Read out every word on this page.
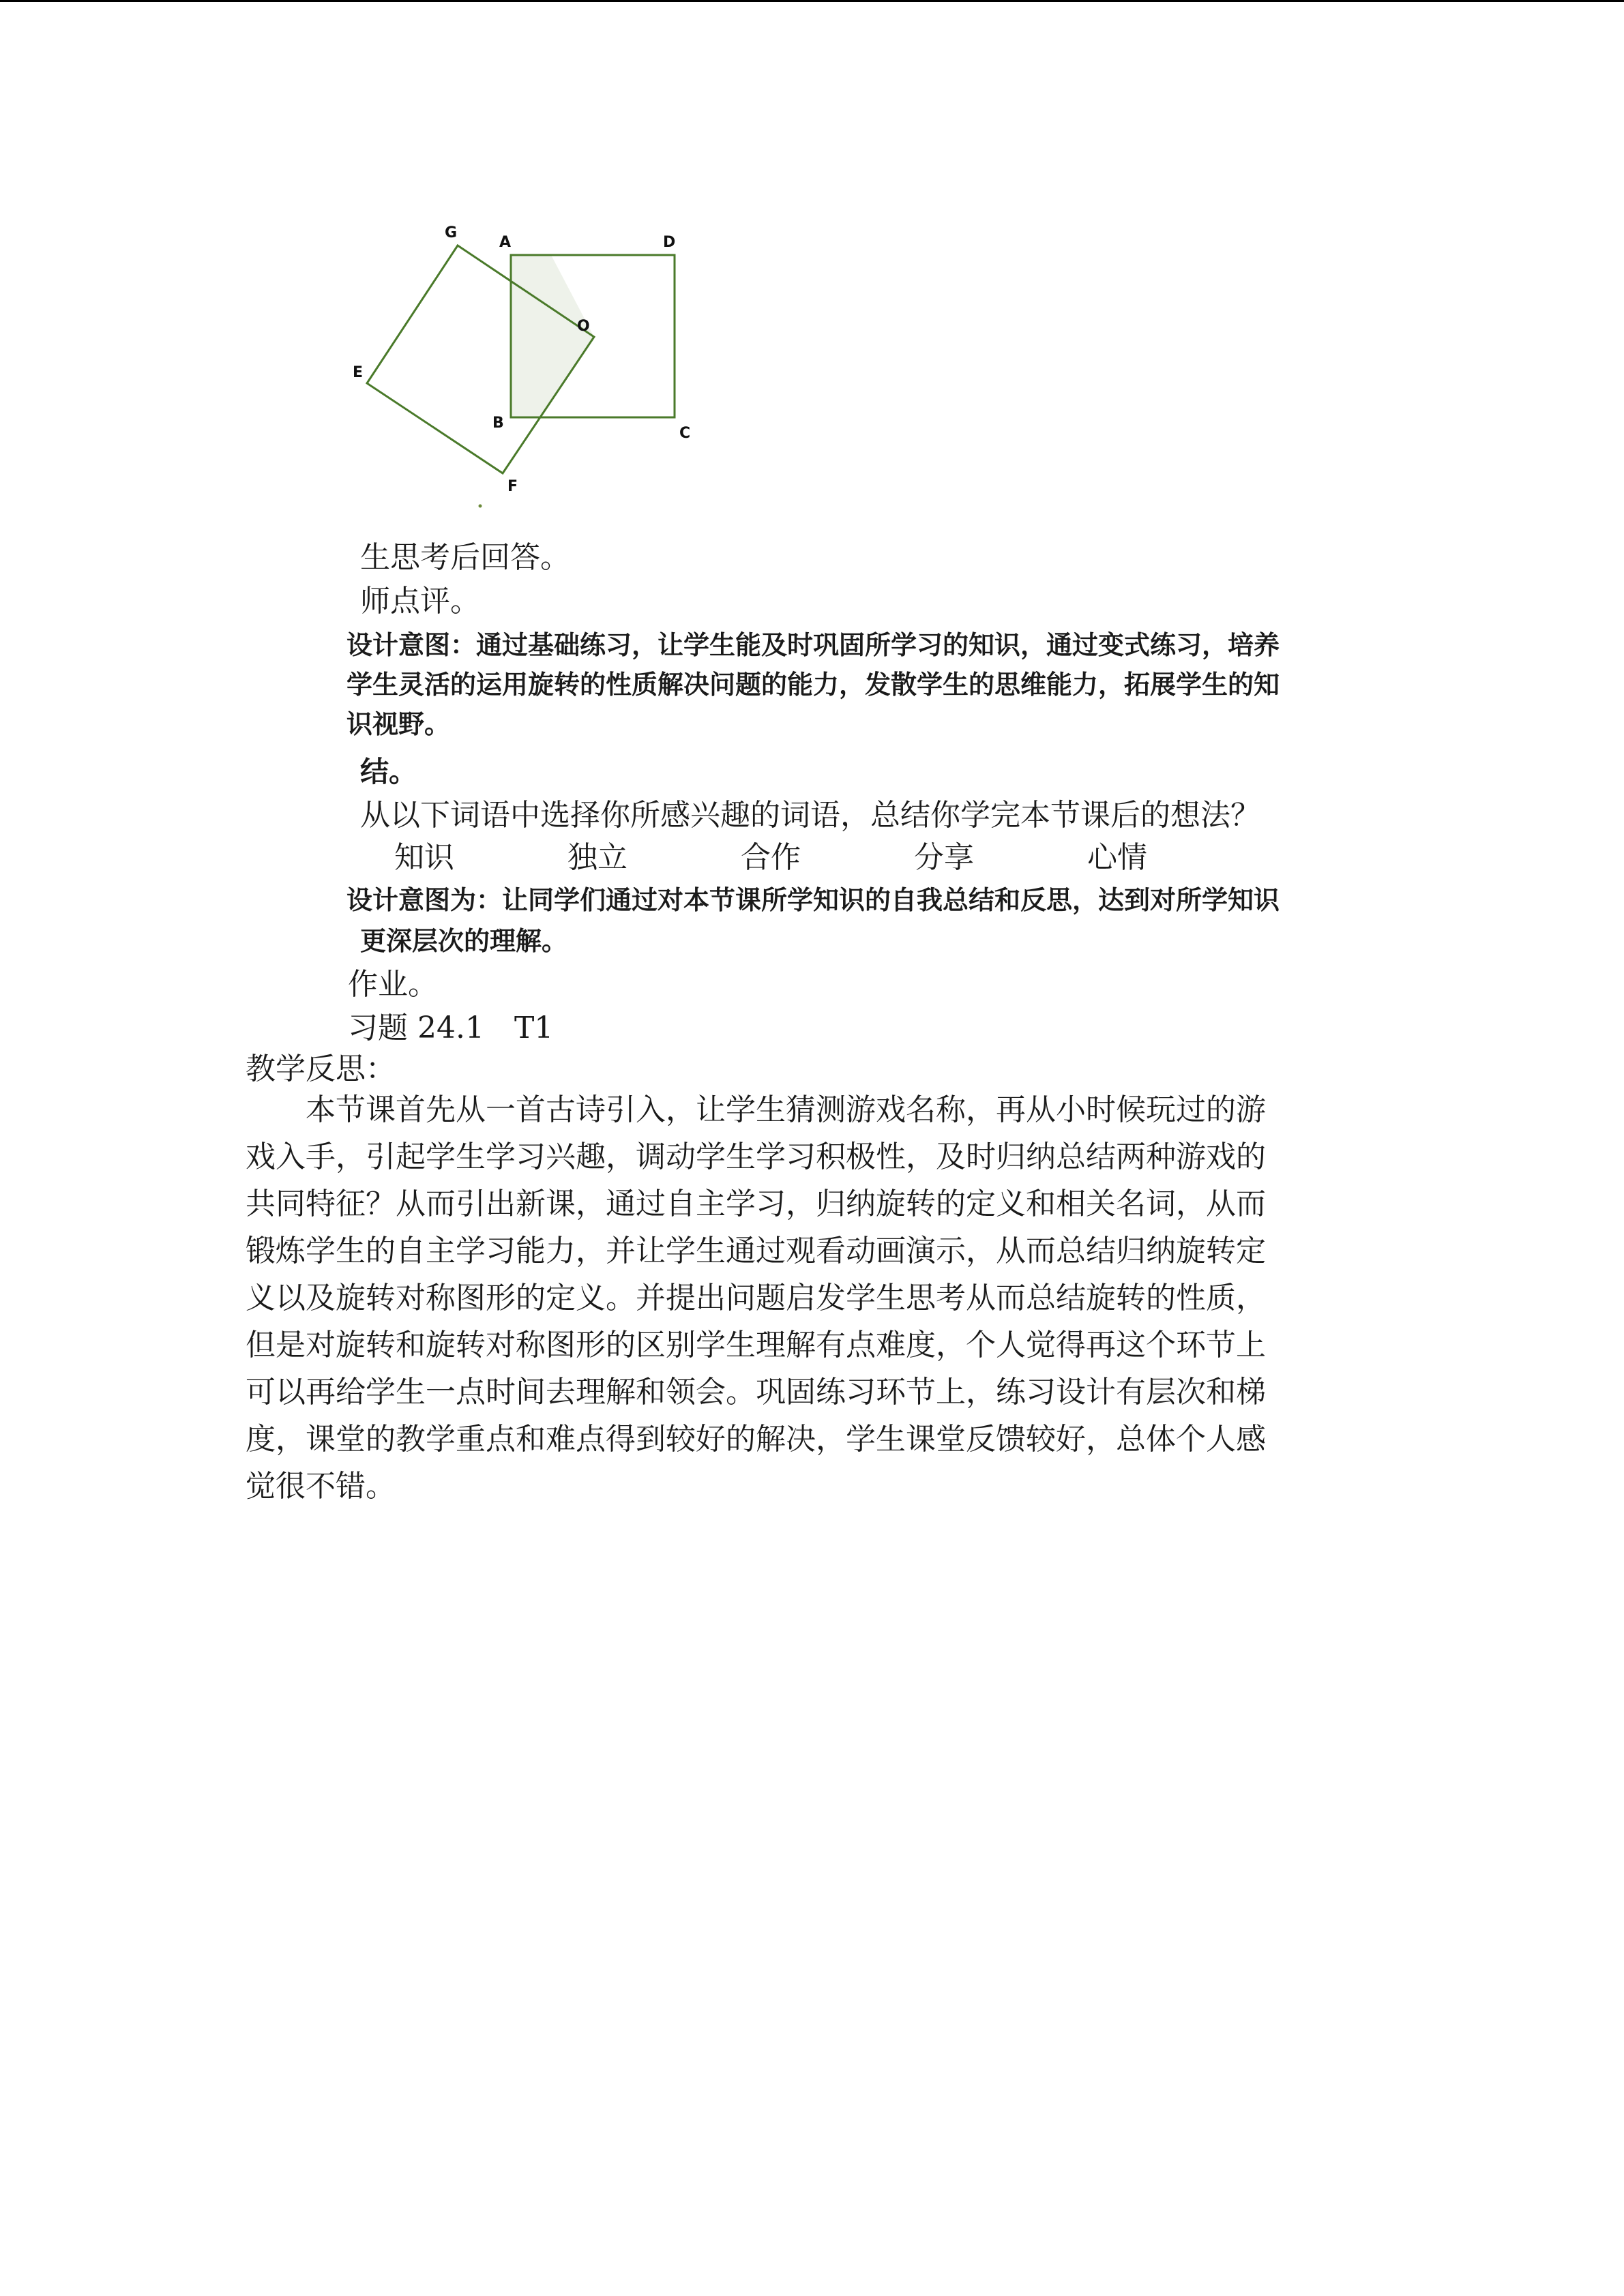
G
A	D
O
E
B
C
F
生思考后回答。
师点评。
设计意图：通过基础练习，让学生能及时巩固所学习的知识，通过变式练习，培养
学生灵活的运用旋转的性质解决问题的能力，发散学生的思维能力，拓展学生的知
识视野。
结。
从以下词语中选择你所感兴趣的词语，总结你学完本节课后的想法？
知识	独立	合作	分享	心情
设计意图为：让同学们通过对本节课所学知识的自我总结和反思，达到对所学知识
更深层次的理解。
作业。
习题 24.1　T1
教学反思：
　　本节课首先从一首古诗引入，让学生猜测游戏名称，再从小时候玩过的游
戏入手，引起学生学习兴趣，调动学生学习积极性，及时归纳总结两种游戏的
共同特征？从而引出新课，通过自主学习，归纳旋转的定义和相关名词，从而
锻炼学生的自主学习能力，并让学生通过观看动画演示，从而总结归纳旋转定
义以及旋转对称图形的定义。并提出问题启发学生思考从而总结旋转的性质，
但是对旋转和旋转对称图形的区别学生理解有点难度，个人觉得再这个环节上
可以再给学生一点时间去理解和领会。巩固练习环节上，练习设计有层次和梯
度，课堂的教学重点和难点得到较好的解决，学生课堂反馈较好，总体个人感
觉很不错。
